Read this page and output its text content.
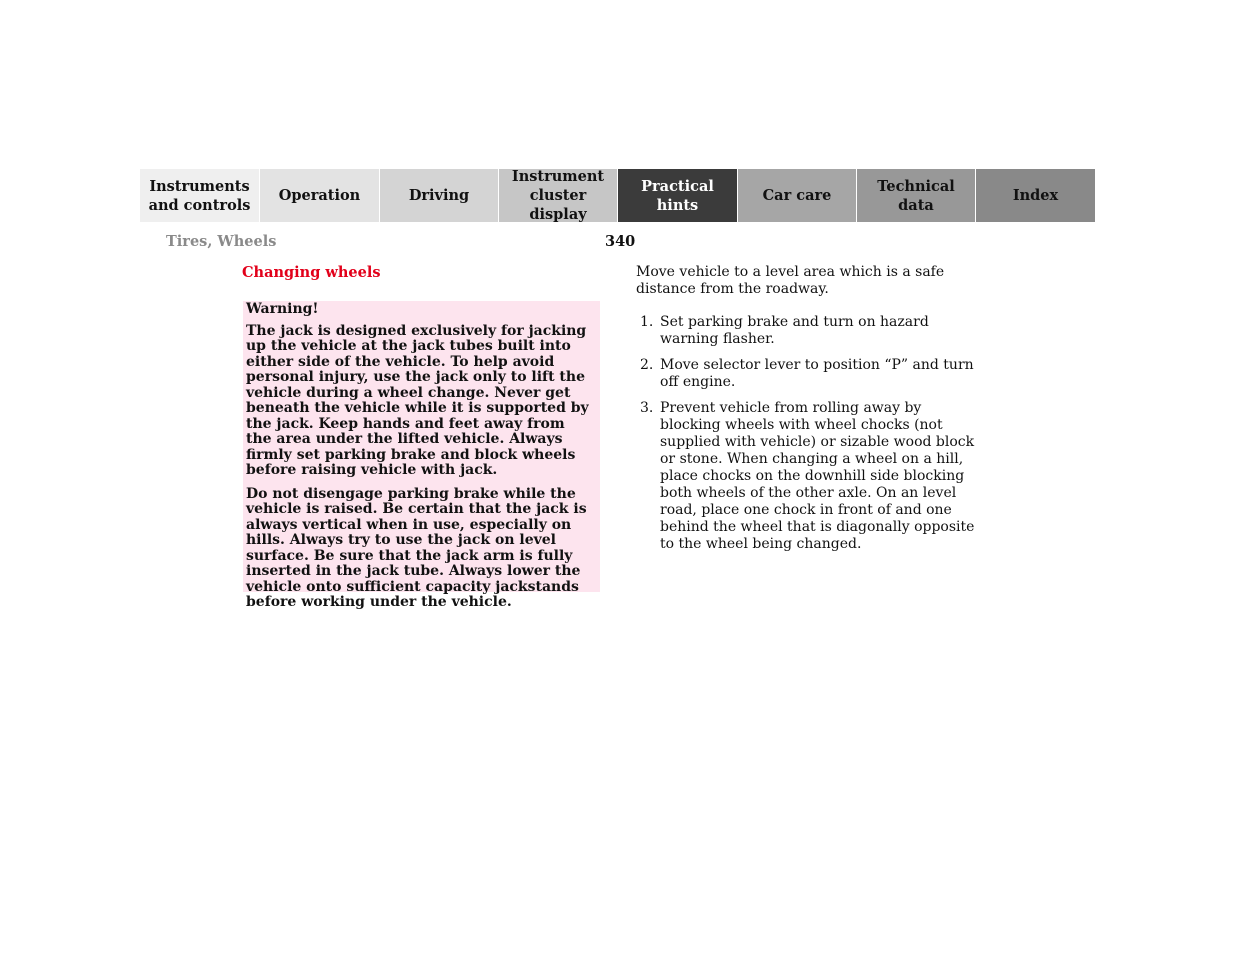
Instruments
and controls
Operation	Driving
Instrument
cluster display
Practical hints
Car care
Technical
data
Index
Tires, Wheels	340
Changing wheels
Warning!

The jack is designed exclusively for jacking up the vehicle at the jack tubes built into either side of the vehicle. To help avoid personal injury, use the jack only to lift the vehicle during a wheel change. Never get beneath the vehicle while it is supported by the jack. Keep hands and feet away from the area under the lifted vehicle. Always firmly set parking brake and block wheels before raising vehicle with jack.

Do not disengage parking brake while the vehicle is raised. Be certain that the jack is always vertical when in use, especially on hills. Always try to use the jack on level surface. Be sure that the jack arm is fully inserted in the jack tube. Always lower the vehicle onto sufficient capacity jackstands before working under the vehicle.

Move vehicle to a level area which is a safe distance from the roadway.

1. Set parking brake and turn on hazard warning flasher.
2. Move selector lever to position “P” and turn off engine.
3. Prevent vehicle from rolling away by blocking wheels with wheel chocks (not supplied with vehicle) or sizable wood block or stone. When changing a wheel on a hill, place chocks on the downhill side blocking both wheels of the other axle. On an level road, place one chock in front of and one behind the wheel that is diagonally opposite to the wheel being changed.
